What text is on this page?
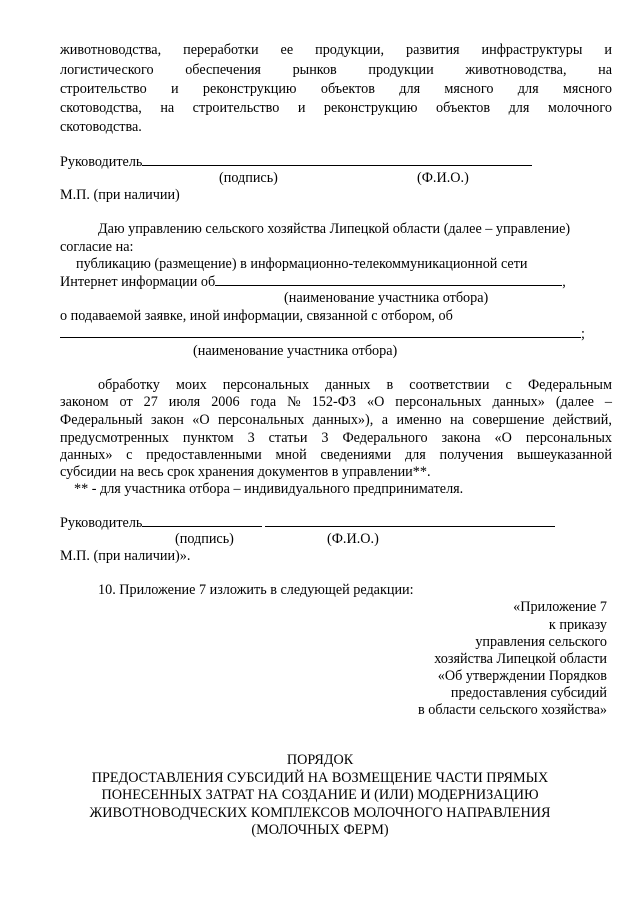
животноводства, переработки ее продукции, развития инфраструктуры и
логистического обеспечения рынков продукции животноводства, на
строительство и реконструкцию объектов для мясного для мясного
скотоводства, на строительство и реконструкцию объектов для молочного
скотоводства.
Руководитель
(подпись)	(Ф.И.О.)
М.П. (при наличии)
Даю управлению сельского хозяйства Липецкой области (далее – управление)
согласие на:
публикацию (размещение) в информационно-телекоммуникационной сети
Интернет информации об	,
(наименование участника отбора)
о подаваемой заявке, иной информации, связанной с отбором, об
;
(наименование участника отбора)
обработку моих персональных данных в соответствии с Федеральным
законом от 27 июля 2006 года № 152-ФЗ «О персональных данных» (далее –
Федеральный закон «О персональных данных»), а именно на совершение действий,
предусмотренных пунктом 3 статьи 3 Федерального закона «О персональных
данных» с предоставленными мной сведениями для получения вышеуказанной
субсидии на весь срок хранения документов в управлении**.
** - для участника отбора – индивидуального предпринимателя.
Руководитель
(подпись)	(Ф.И.О.)
М.П. (при наличии)».
10. Приложение 7 изложить в следующей редакции:
«Приложение 7
к приказу
управления сельского
хозяйства Липецкой области
«Об утверждении Порядков
предоставления субсидий
в области сельского хозяйства»
ПОРЯДОК
ПРЕДОСТАВЛЕНИЯ СУБСИДИЙ НА ВОЗМЕЩЕНИЕ ЧАСТИ ПРЯМЫХ
ПОНЕСЕННЫХ ЗАТРАТ НА СОЗДАНИЕ И (ИЛИ) МОДЕРНИЗАЦИЮ
ЖИВОТНОВОДЧЕСКИХ КОМПЛЕКСОВ МОЛОЧНОГО НАПРАВЛЕНИЯ
(МОЛОЧНЫХ ФЕРМ)
